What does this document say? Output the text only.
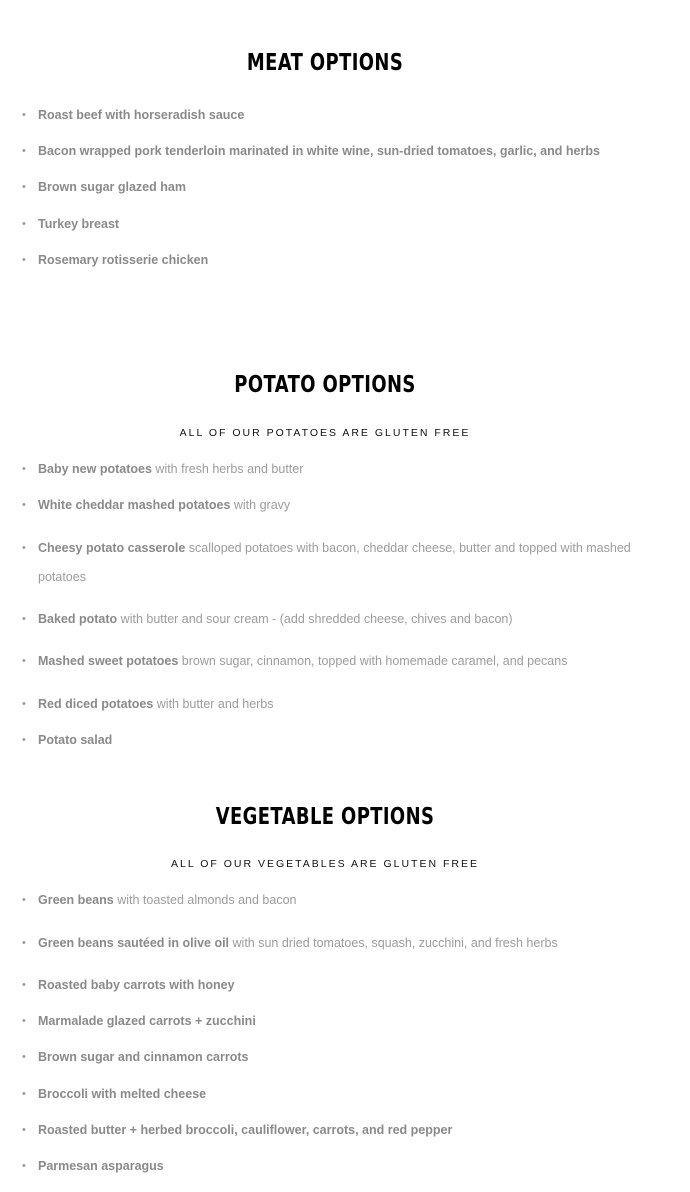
MEAT OPTIONS
• Roast beef with horseradish sauce
• Bacon wrapped pork tenderloin marinated in white wine, sun-dried tomatoes, garlic, and herbs
• Brown sugar glazed ham
• Turkey breast
• Rosemary rotisserie chicken
POTATO OPTIONS

ALL OF OUR POTATOES ARE GLUTEN FREE

• Baby new potatoes with fresh herbs and butter
• White cheddar mashed potatoes with gravy
• Cheesy potato casserole scalloped potatoes with bacon, cheddar cheese, butter and topped with mashed potatoes
• Baked potato with butter and sour cream - (add shredded cheese, chives and bacon)
• Mashed sweet potatoes brown sugar, cinnamon, topped with homemade caramel, and pecans
• Red diced potatoes with butter and herbs
• Potato salad
VEGETABLE OPTIONS

ALL OF OUR VEGETABLES ARE GLUTEN FREE

• Green beans with toasted almonds and bacon
• Green beans sautéed in olive oil with sun dried tomatoes, squash, zucchini, and fresh herbs
• Roasted baby carrots with honey
• Marmalade glazed carrots + zucchini
• Brown sugar and cinnamon carrots
• Broccoli with melted cheese
• Roasted butter + herbed broccoli, cauliflower, carrots, and red pepper
• Parmesan asparagus
